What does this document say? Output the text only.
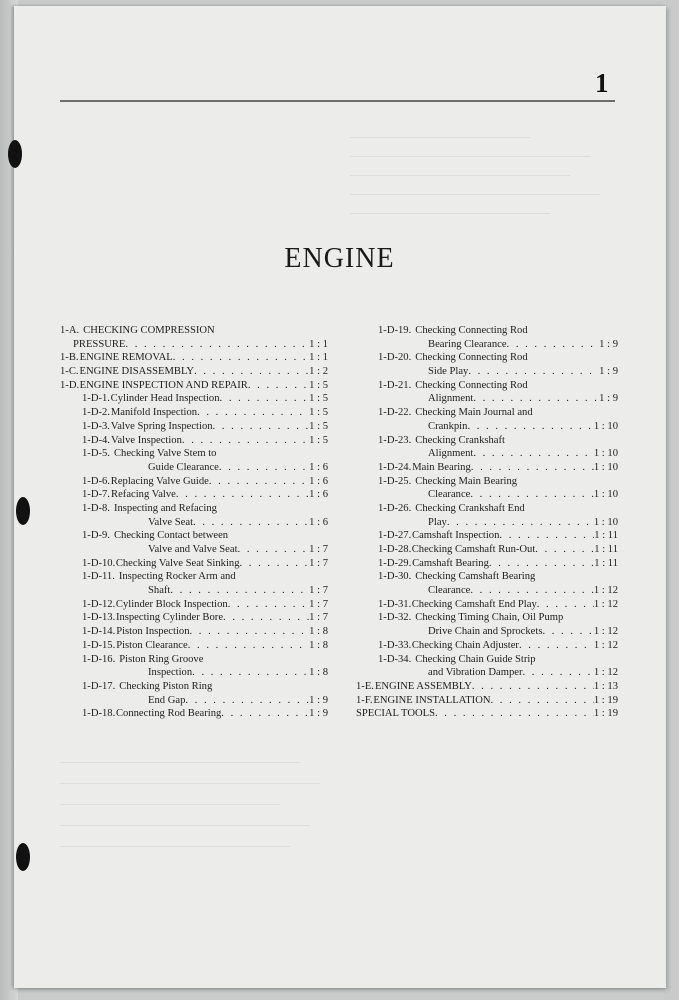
1
ENGINE
1-A. CHECKING COMPRESSION
PRESSURE . . .	1 : 1
1-B. ENGINE REMOVAL . . .	1 : 1
1-C. ENGINE DISASSEMBLY . . .	1 : 2
1-D. ENGINE INSPECTION AND REPAIR . . .	1 : 5
1-D-1. Cylinder Head Inspection . . .	1 : 5
1-D-2. Manifold Inspection . . .	1 : 5
1-D-3. Valve Spring Inspection . . .	1 : 5
1-D-4. Valve Inspection . . .	1 : 5
1-D-5. Checking Valve Stem to
Guide Clearance . . .	1 : 6
1-D-6. Replacing Valve Guide . . .	1 : 6
1-D-7. Refacing Valve . . .	1 : 6
1-D-8. Inspecting and Refacing
Valve Seat . . .	1 : 6
1-D-9. Checking Contact between
Valve and Valve Seat . . .	1 : 7
1-D-10. Checking Valve Seat Sinking . . .	1 : 7
1-D-11. Inspecting Rocker Arm and
Shaft . . .	1 : 7
1-D-12. Cylinder Block Inspection . . .	1 : 7
1-D-13. Inspecting Cylinder Bore . . .	1 : 7
1-D-14. Piston Inspection . . .	1 : 8
1-D-15. Piston Clearance . . .	1 : 8
1-D-16. Piston Ring Groove
Inspection . . .	1 : 8
1-D-17. Checking Piston Ring
End Gap . . .	1 : 9
1-D-18. Connecting Rod Bearing . . .	1 : 9
1-D-19. Checking Connecting Rod
Bearing Clearance . . .	1 : 9
1-D-20. Checking Connecting Rod
Side Play . . .	1 : 9
1-D-21. Checking Connecting Rod
Alignment . . .	1 : 9
1-D-22. Checking Main Journal and
Crankpin . . .	1 : 10
1-D-23. Checking Crankshaft
Alignment . . .	1 : 10
1-D-24. Main Bearing . . .	1 : 10
1-D-25. Checking Main Bearing
Clearance . . .	1 : 10
1-D-26. Checking Crankshaft End
Play . . .	1 : 10
1-D-27. Camshaft Inspection . . .	1 : 11
1-D-28. Checking Camshaft Run-Out . . .	1 : 11
1-D-29. Camshaft Bearing . . .	1 : 11
1-D-30. Checking Camshaft Bearing
Clearance . . .	1 : 12
1-D-31. Checking Camshaft End Play . . .	1 : 12
1-D-32. Checking Timing Chain, Oil Pump
Drive Chain and Sprockets . . .	1 : 12
1-D-33. Checking Chain Adjuster . . .	1 : 12
1-D-34. Checking Chain Guide Strip
and Vibration Damper . . .	1 : 12
1-E. ENGINE ASSEMBLY . . .	1 : 13
1-F. ENGINE INSTALLATION . . .	1 : 19
SPECIAL TOOLS . . .	1 : 19
